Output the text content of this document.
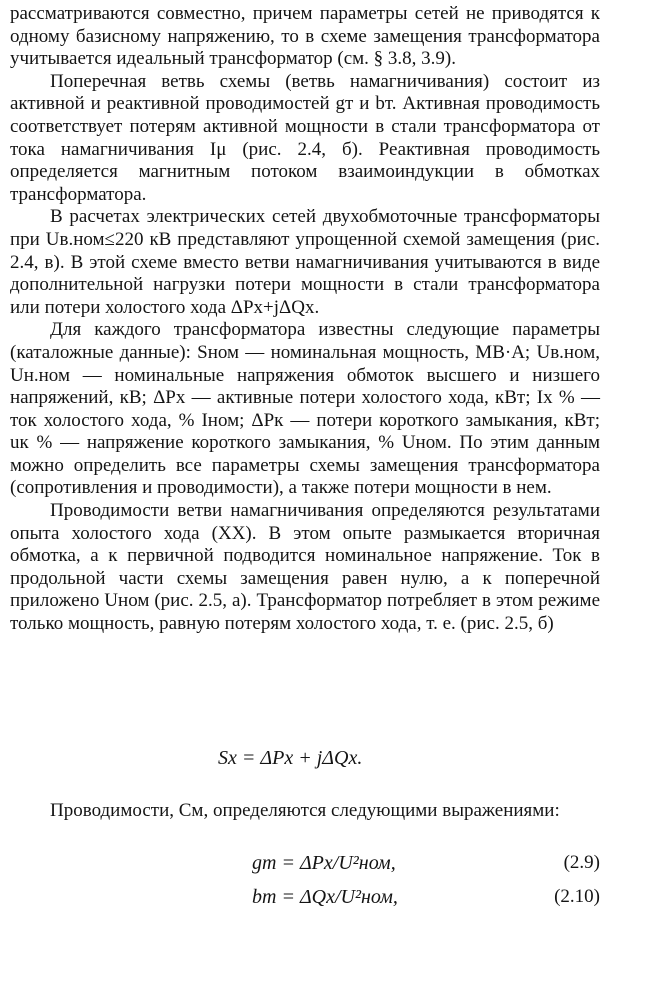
рассматриваются совместно, причем параметры сетей не приводятся к одному базисному напряжению, то в схеме замещения трансформатора учитывается идеальный трансформатор (см. § 3.8, 3.9).

Поперечная ветвь схемы (ветвь намагничивания) состоит из активной и реактивной проводимостей gт и bт. Активная проводимость соответствует потерям активной мощности в стали трансформатора от тока намагничивания Iμ (рис. 2.4, б). Реактивная проводимость определяется магнитным потоком взаимоиндукции в обмотках трансформатора.

В расчетах электрических сетей двухобмоточные трансформаторы при Uв.ном≤220 кВ представляют упрощенной схемой замещения (рис. 2.4, в). В этой схеме вместо ветви намагничивания учитываются в виде дополнительной нагрузки потери мощности в стали трансформатора или потери холостого хода ΔPх+jΔQх.

Для каждого трансформатора известны следующие параметры (каталожные данные): Sном — номинальная мощность, МВ·А; Uв.ном, Uн.ном — номинальные напряжения обмоток высшего и низшего напряжений, кВ; ΔPх — активные потери холостого хода, кВт; Iх % — ток холостого хода, % Iном; ΔPк — потери короткого замыкания, кВт; uк % — напряжение короткого замыкания, % Uном. По этим данным можно определить все параметры схемы замещения трансформатора (сопротивления и проводимости), а также потери мощности в нем.

Проводимости ветви намагничивания определяются результатами опыта холостого хода (ХХ). В этом опыте размыкается вторичная обмотка, а к первичной подводится номинальное напряжение. Ток в продольной части схемы замещения равен нулю, а к поперечной приложено Uном (рис. 2.5, а). Трансформатор потребляет в этом режиме только мощность, равную потерям холостого хода, т. е. (рис. 2.5, б)

Sх = ΔPх + jΔQх.

Проводимости, См, определяются следующими выражениями:

gт = ΔPх/U²ном,	(2.9)
bт = ΔQх/U²ном,	(2.10)
